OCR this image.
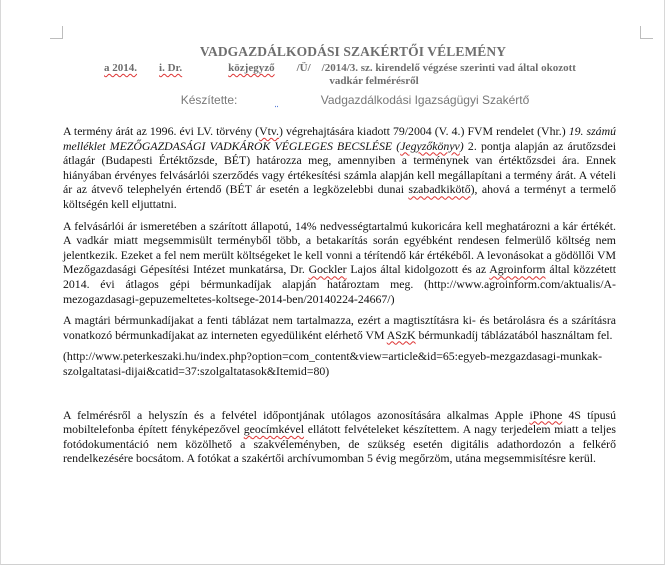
VADGAZDÁLKODÁSI SZAKÉRTŐI VÉLEMÉNY
a 2014. i. Dr.	közjegyző /Ü/    /2014/3. sz. kirendelő végzése szerinti vad által okozott
vadkár felmérésről
Készítette:	Vadgazdálkodási Igazságügyi Szakértő

A termény árát az 1996. évi LV. törvény (Vtv.) végrehajtására kiadott 79/2004 (V. 4.) FVM rendelet (Vhr.) 19. számú melléklet MEZŐGAZDASÁGI VADKÁROK VÉGLEGES BECSLÉSE (Jegyzőkönyv) 2. pontja alapján az árutőzsdei átlagár (Budapesti Értéktőzsde, BÉT) határozza meg, amennyiben a terménynek van értéktőzsdei ára. Ennek hiányában érvényes felvásárlói szerződés vagy értékesítési számla alapján kell megállapítani a termény árát. A vételi ár az átvevő telephelyén értendő (BÉT ár esetén a legközelebbi dunai szabadkikötő), ahová a terményt a termelő költségén kell eljuttatni.

A felvásárlói ár ismeretében a szárított állapotú, 14% nedvességtartalmú kukoricára kell meghatározni a kár értékét. A vadkár miatt megsemmisült terményből több, a betakarítás során egyébként rendesen felmerülő költség nem jelentkezik. Ezeket a fel nem merült költségeket le kell vonni a térítendő kár értékéből. A levonásokat a gödöllői VM Mezőgazdasági Gépesítési Intézet munkatársa, Dr. Gockler Lajos által kidolgozott és az Agroinform által közzétett 2014. évi átlagos gépi bérmunkadíjak alapján határoztam meg. (http://www.agroinform.com/aktualis/A-mezogazdasagi-gepuzemeltetes-koltsege-2014-ben/20140224-24667/)

A magtári bérmunkadíjakat a fenti táblázat nem tartalmazza, ezért a magtisztításra ki- és betárolásra és a szárításra vonatkozó bérmunkadíjakat az interneten egyedüliként elérhető VM ASzK bérmunkadíj táblázatából használtam fel.

(http://www.peterkeszaki.hu/index.php?option=com_content&view=article&id=65:egyeb-mezgazdasagi-munkak-szolgaltatasi-dijai&catid=37:szolgaltatasok&Itemid=80)

A felmérésről a helyszín és a felvétel időpontjának utólagos azonosítására alkalmas Apple iPhone 4S típusú mobiltelefonba épített fényképezővel geocímkével ellátott felvételeket készítettem. A nagy terjedelem miatt a teljes fotódokumentáció nem közölhető a szakvéleményben, de szükség esetén digitális adathordozón a felkérő rendelkezésére bocsátom. A fotókat a szakértői archívumomban 5 évig megőrzöm, utána megsemmisítésre kerül.
